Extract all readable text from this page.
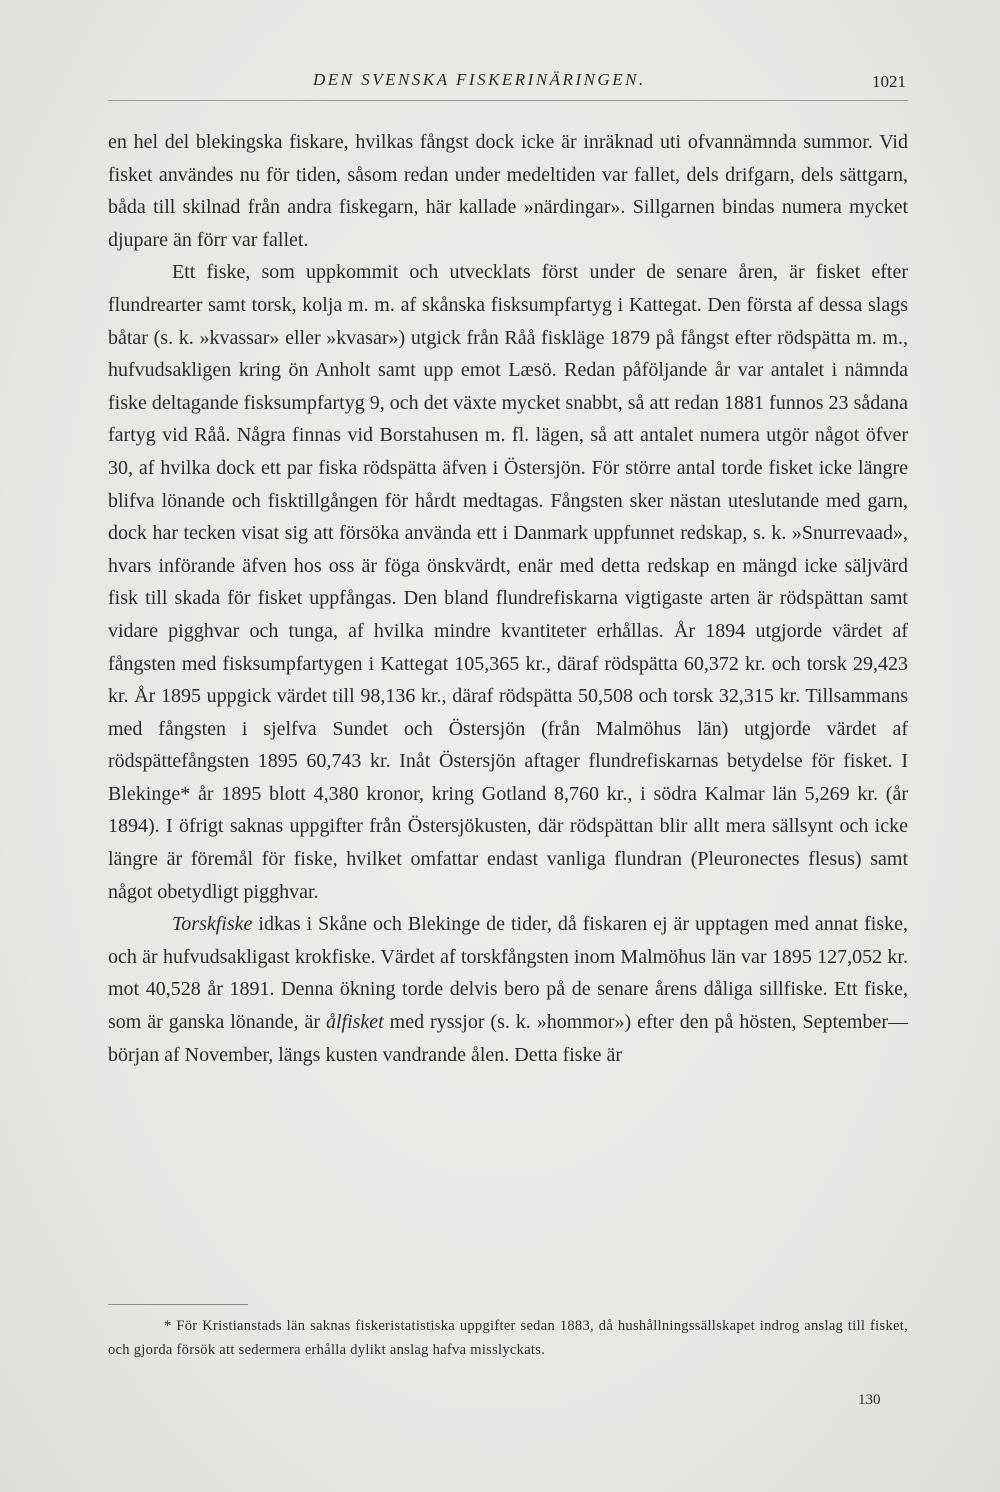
DEN SVENSKA FISKERINÄRINGEN.	1021

en hel del blekingska fiskare, hvilkas fångst dock icke är inräknad uti ofvannämnda summor. Vid fisket användes nu för tiden, såsom redan under medeltiden var fallet, dels drifgarn, dels sättgarn, båda till skilnad från andra fiskegarn, här kallade »närdingar». Sillgarnen bindas numera mycket djupare än förr var fallet.

Ett fiske, som uppkommit och utvecklats först under de senare åren, är fisket efter flundrearter samt torsk, kolja m. m. af skånska fisksumpfartyg i Kattegat. Den första af dessa slags båtar (s. k. »kvassar» eller »kvasar») utgick från Råå fiskläge 1879 på fångst efter rödspätta m. m., hufvudsakligen kring ön Anholt samt upp emot Læsö. Redan påföljande år var antalet i nämnda fiske deltagande fisksumpfartyg 9, och det växte mycket snabbt, så att redan 1881 funnos 23 sådana fartyg vid Råå. Några finnas vid Borstahusen m. fl. lägen, så att antalet numera utgör något öfver 30, af hvilka dock ett par fiska rödspätta äfven i Östersjön. För större antal torde fisket icke längre blifva lönande och fisktillgången för hårdt medtagas. Fångsten sker nästan uteslutande med garn, dock har tecken visat sig att försöka använda ett i Danmark uppfunnet redskap, s. k. »Snurrevaad», hvars införande äfven hos oss är föga önskvärdt, enär med detta redskap en mängd icke säljvärd fisk till skada för fisket uppfångas. Den bland flundrefiskarna vigtigaste arten är rödspättan samt vidare pigghvar och tunga, af hvilka mindre kvantiteter erhållas. År 1894 utgjorde värdet af fångsten med fisksumpfartygen i Kattegat 105,365 kr., däraf rödspätta 60,372 kr. och torsk 29,423 kr. År 1895 uppgick värdet till 98,136 kr., däraf rödspätta 50,508 och torsk 32,315 kr. Tillsammans med fångsten i sjelfva Sundet och Östersjön (från Malmöhus län) utgjorde värdet af rödspättefångsten 1895 60,743 kr. Inåt Östersjön aftager flundrefiskarnas betydelse för fisket. I Blekinge* år 1895 blott 4,380 kronor, kring Gotland 8,760 kr., i södra Kalmar län 5,269 kr. (år 1894). I öfrigt saknas uppgifter från Östersjökusten, där rödspättan blir allt mera sällsynt och icke längre är föremål för fiske, hvilket omfattar endast vanliga flundran (Pleuronectes flesus) samt något obetydligt pigghvar.

Torskfiske idkas i Skåne och Blekinge de tider, då fiskaren ej är upptagen med annat fiske, och är hufvudsakligast krokfiske. Värdet af torskfångsten inom Malmöhus län var 1895 127,052 kr. mot 40,528 år 1891. Denna ökning torde delvis bero på de senare årens dåliga sillfiske. Ett fiske, som är ganska lönande, är ålfisket med ryssjor (s. k. »hommor») efter den på hösten, September—början af November, längs kusten vandrande ålen. Detta fiske är

* För Kristianstads län saknas fiskeristatistiska uppgifter sedan 1883, då hushållningssällskapet indrog anslag till fisket, och gjorda försök att sedermera erhålla dylikt anslag hafva misslyckats.
130
